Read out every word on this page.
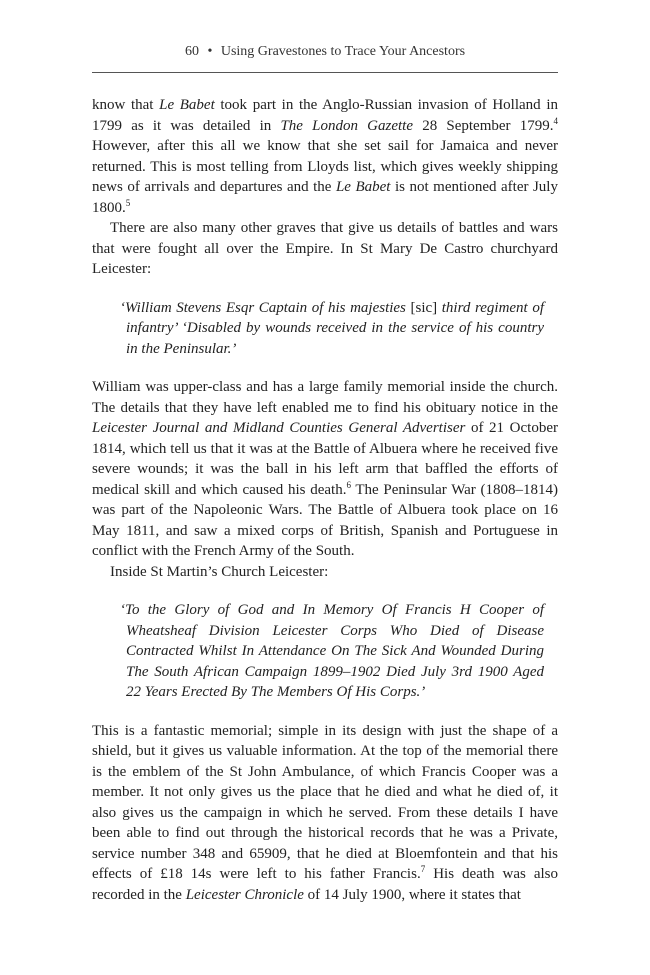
60 • Using Gravestones to Trace Your Ancestors

know that Le Babet took part in the Anglo-Russian invasion of Holland in 1799 as it was detailed in The London Gazette 28 September 1799.$^4$ However, after this all we know that she set sail for Jamaica and never returned. This is most telling from Lloyds list, which gives weekly shipping news of arrivals and departures and the Le Babet is not mentioned after July 1800.$^5$

There are also many other graves that give us details of battles and wars that were fought all over the Empire. In St Mary De Castro churchyard Leicester:

‘William Stevens Esqr Captain of his majesties [sic] third regiment of infantry’ ‘Disabled by wounds received in the service of his country in the Peninsular.’

William was upper-class and has a large family memorial inside the church. The details that they have left enabled me to find his obituary notice in the Leicester Journal and Midland Counties General Advertiser of 21 October 1814, which tell us that it was at the Battle of Albuera where he received five severe wounds; it was the ball in his left arm that baffled the efforts of medical skill and which caused his death.$^6$ The Peninsular War (1808–1814) was part of the Napoleonic Wars. The Battle of Albuera took place on 16 May 1811, and saw a mixed corps of British, Spanish and Portuguese in conflict with the French Army of the South.

Inside St Martin’s Church Leicester:

‘To the Glory of God and In Memory Of Francis H Cooper of Wheatsheaf Division Leicester Corps Who Died of Disease Contracted Whilst In Attendance On The Sick And Wounded During The South African Campaign 1899–1902 Died July 3rd 1900 Aged 22 Years Erected By The Members Of His Corps.’

This is a fantastic memorial; simple in its design with just the shape of a shield, but it gives us valuable information. At the top of the memorial there is the emblem of the St John Ambulance, of which Francis Cooper was a member. It not only gives us the place that he died and what he died of, it also gives us the campaign in which he served. From these details I have been able to find out through the historical records that he was a Private, service number 348 and 65909, that he died at Bloemfontein and that his effects of £18 14s were left to his father Francis.$^7$ His death was also recorded in the Leicester Chronicle of 14 July 1900, where it states that
